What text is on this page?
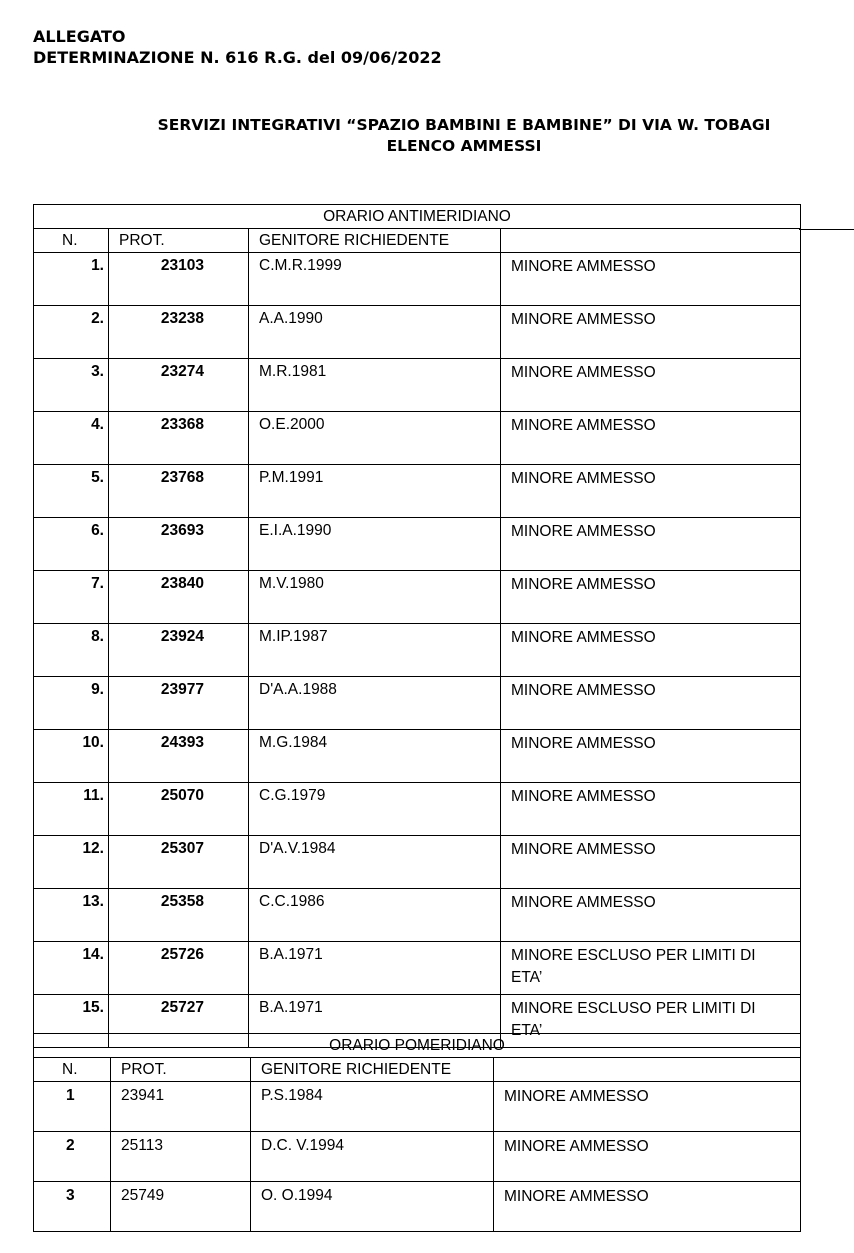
ALLEGATO
DETERMINAZIONE N. 616 R.G. del 09/06/2022
SERVIZI INTEGRATIVI “SPAZIO BAMBINI E BAMBINE” DI VIA W. TOBAGI
ELENCO AMMESSI
ORARIO ANTIMERIDIANO			
N.	PROT.	GENITORE RICHIEDENTE	
1.	23103	C.M.R.1999	MINORE AMMESSO

2.	23238	A.A.1990	MINORE AMMESSO

3.	23274	M.R.1981	MINORE AMMESSO

4.	23368	O.E.2000	MINORE AMMESSO

5.	23768	P.M.1991	MINORE AMMESSO

6.	23693	E.I.A.1990	MINORE AMMESSO

7.	23840	M.V.1980	MINORE AMMESSO

8.	23924	M.IP.1987	MINORE AMMESSO

9.	23977	D'A.A.1988	MINORE AMMESSO

10.	24393	M.G.1984	MINORE AMMESSO

11.	25070	C.G.1979	MINORE AMMESSO

12.	25307	D'A.V.1984	MINORE AMMESSO

13.	25358	C.C.1986	MINORE AMMESSO

14.	25726	B.A.1971	MINORE ESCLUSO PER LIMITI DI ETA’

15.	25727	B.A.1971	MINORE ESCLUSO PER LIMITI DI ETA’
ORARIO POMERIDIANO			
N.	PROT.	GENITORE RICHIEDENTE	
1	23941	P.S.1984	MINORE AMMESSO

2	25113	D.C. V.1994	MINORE AMMESSO

3	25749	O. O.1994	MINORE AMMESSO
